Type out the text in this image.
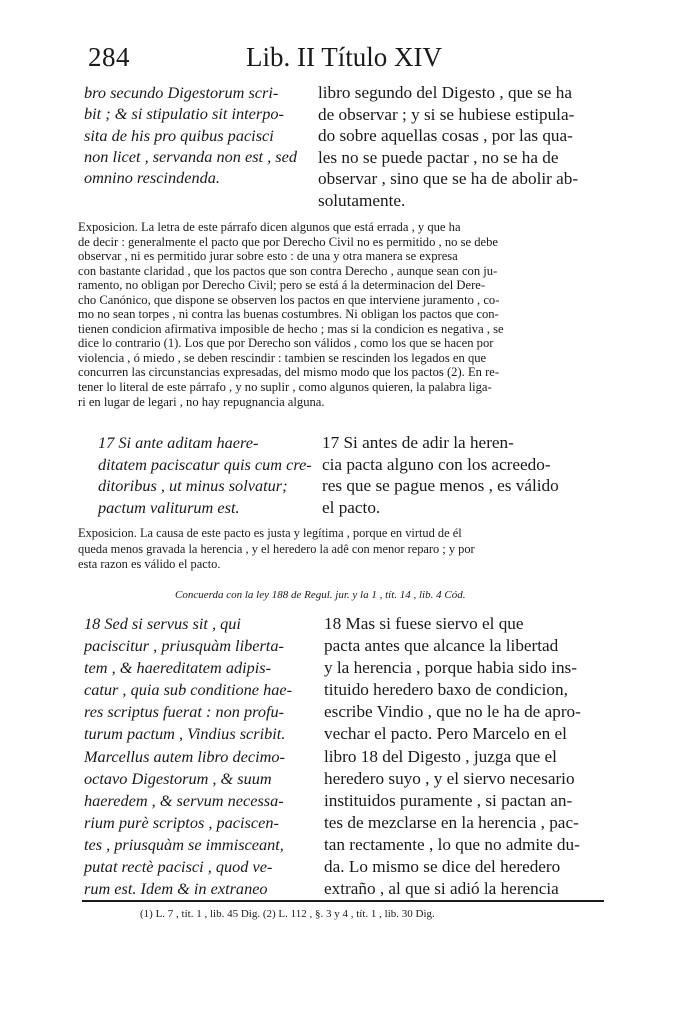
284	Lib. II Título XIV
bro secundo Digestorum scri-
bit ; & si stipulatio sit interpo-
sita de his pro quibus pacisci
non licet , servanda non est , sed
omnino rescindenda.
libro segundo del Digesto , que se ha
de observar ; y si se hubiese estipula-
do sobre aquellas cosas , por las qua-
les no se puede pactar , no se ha de
observar , sino que se ha de abolir ab-
solutamente.
Exposicion. La letra de este párrafo dicen algunos que está errada , y que ha
de decir : generalmente el pacto que por Derecho Civil no es permitido , no se debe
observar , ni es permitido jurar sobre esto : de una y otra manera se expresa
con bastante claridad , que los pactos que son contra Derecho , aunque sean con ju-
ramento, no obligan por Derecho Civil; pero se está á la determinacion del Dere-
cho Canónico, que dispone se observen los pactos en que interviene juramento , co-
mo no sean torpes , ni contra las buenas costumbres. Ni obligan los pactos que con-
tienen condicion afirmativa imposible de hecho ; mas si la condicion es negativa , se
dice lo contrario (1). Los que por Derecho son válidos , como los que se hacen por
violencia , ó miedo , se deben rescindir : tambien se rescinden los legados en que
concurren las circunstancias expresadas, del mismo modo que los pactos (2). En re-
tener lo literal de este párrafo , y no suplir , como algunos quieren, la palabra liga-
ri en lugar de legari , no hay repugnancia alguna.
17 Si ante aditam haere-
ditatem paciscatur quis cum cre-
ditoribus , ut minus solvatur;
pactum valiturum est.
17 Si antes de adir la heren-
cia pacta alguno con los acreedo-
res que se pague menos , es válido
el pacto.
Exposicion. La causa de este pacto es justa y legítima , porque en virtud de él
queda menos gravada la herencia , y el heredero la adê con menor reparo ; y por
esta razon es válido el pacto.
Concuerda con la ley 188 de Regul. jur. y la 1 , tít. 14 , lib. 4 Cód.
18 Sed si servus sit , qui
paciscitur , priusquàm liberta-
tem , & haereditatem adipis-
catur , quia sub conditione hae-
res scriptus fuerat : non profu-
turum pactum , Vindius scribit.
Marcellus autem libro decimo-
octavo Digestorum , & suum
haeredem , & servum necessa-
rium purè scriptos , paciscen-
tes , priusquàm se immisceant,
putat rectè pacisci , quod ve-
rum est. Idem & in extraneo
18 Mas si fuese siervo el que
pacta antes que alcance la libertad
y la herencia , porque habia sido ins-
tituido heredero baxo de condicion,
escribe Vindio , que no le ha de apro-
vechar el pacto. Pero Marcelo en el
libro 18 del Digesto , juzga que el
heredero suyo , y el siervo necesario
instituidos puramente , si pactan an-
tes de mezclarse en la herencia , pac-
tan rectamente , lo que no admite du-
da. Lo mismo se dice del heredero
extraño , al que si adió la herencia
(1) L. 7 , tít. 1 , lib. 45 Dig. (2) L. 112 , §. 3 y 4 , tít. 1 , lib. 30 Dig.
